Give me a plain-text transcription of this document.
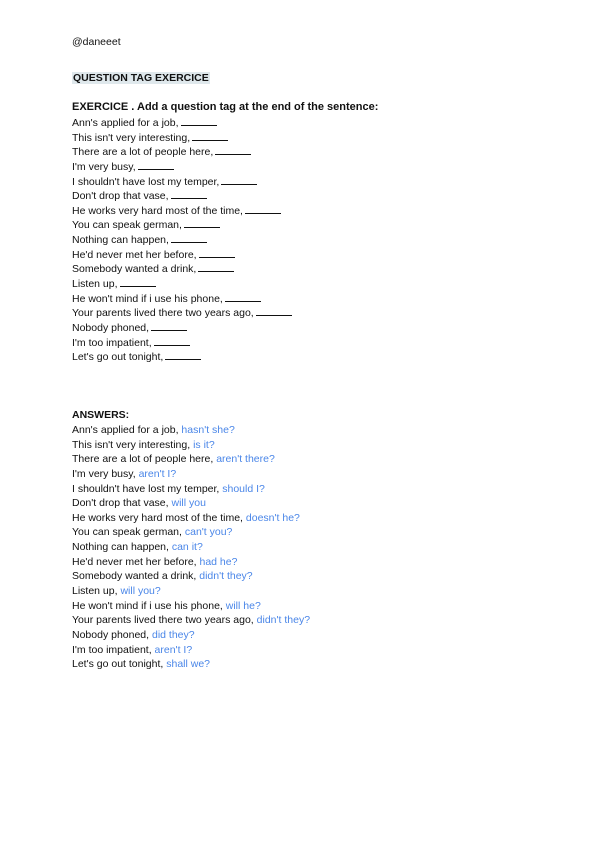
@daneeet
QUESTION TAG EXERCICE
EXERCICE . Add a question tag at the end of the sentence:
Ann's applied for a job,
This isn't very interesting,
There are a lot of people here,
I'm very busy,
I shouldn't have lost my temper,
Don't drop that vase,
He works very hard most of the time,
You can speak german,
Nothing can happen,
He'd never met her before,
Somebody wanted a drink,
Listen up,
He won't mind if i use his phone,
Your parents lived there two years ago,
Nobody phoned,
I'm too impatient,
Let's go out tonight,
ANSWERS:
Ann's applied for a job, hasn't she?
This isn't very interesting, is it?
There are a lot of people here, aren't there?
I'm very busy, aren't I?
I shouldn't have lost my temper, should I?
Don't drop that vase, will you
He works very hard most of the time, doesn't he?
You can speak german, can't you?
Nothing can happen, can it?
He'd never met her before, had he?
Somebody wanted a drink, didn't they?
Listen up, will you?
He won't mind if i use his phone, will he?
Your parents lived there two years ago, didn't they?
Nobody phoned, did they?
I'm too impatient, aren't I?
Let's go out tonight, shall we?
